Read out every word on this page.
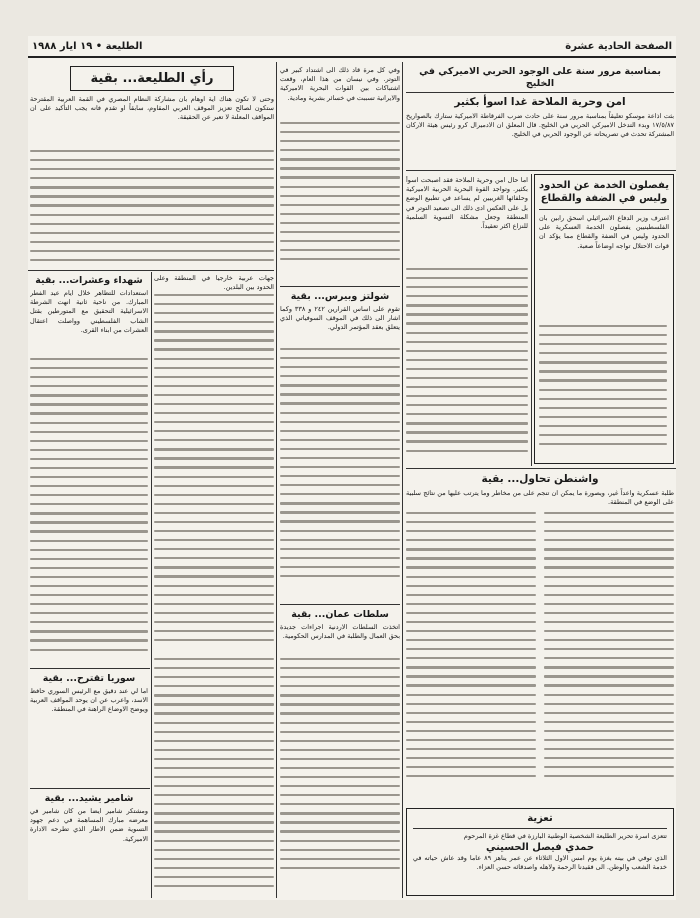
الصفحة الحادية عشرة
الطليعة • ١٩ ايار ١٩٨٨

بمناسبة مرور سنة على الوجود الحربي الاميركي في الخليج

امن وحرية الملاحة غدا اسوأ بكثير

بثت اذاعة موسكو تعليقاً بمناسبة مرور سنة على حادث ضرب الفرقاطة الاميركية ستارك بالصواريخ ١٧/٥/٨٧ وبدء التدخل الاميركي الحربي في الخليج. قال المعلق ان الادميرال كرو رئيس هيئة الاركان المشتركة تحدث في تصريحاته عن الوجود الحربي في الخليج.

يفصلون الخدمة عن الحدود وليس في الضفة والقطاع

اعترف وزير الدفاع الاسرائيلي اسحق رابين بان الفلسطينيين يفصلون الخدمة العسكرية على الحدود وليس في الضفة والقطاع مما يؤكد ان قوات الاحتلال تواجه اوضاعاً صعبة.

اما حال امن وحرية الملاحة فقد اصبحت اسوأ بكثير. وتواجد القوة البحرية الحربية الاميركية وحلفائها الغربيين لم يساعد في تطبيع الوضع بل على العكس ادى ذلك الى تصعيد التوتر في المنطقة وجعل مشكلة التسوية السلمية للنزاع اكثر تعقيداً.

واشنطن تحاول... بقية

طلبة عسكرية واعداً غير، ويصورة ما يمكن ان تنجم على من مخاطر وما يترتب عليها من نتائج سلبية على الوضع في المنطقة.

تعزية

تتعزى اسرة تحرير الطليعة الشخصية الوطنية البارزة في قطاع غزة المرحوم

حمدي فيصل الحسيني

الذي توفي في بيته بغزة يوم امس الاول الثلاثاء عن عمر يناهز ٨٩ عاما وقد عاش حياته في خدمة الشعب والوطن. الى فقيدنا الرحمة ولاهله واصدقائه حسن العزاء.

وفي كل مرة قاد ذلك الى اشتداد كبير في التوتر. وفي نيسان من هذا العام، وقعت اشتباكات بين القوات البحرية الاميركية والايرانية تسببت في خسائر بشرية ومادية.

شولتز وبيرس... بقية

تقوم على اساس القرارين ٢٤٢ و ٣٣٨ وكما اشار الى ذلك في الموقف السوفياتي الذي يتعلق بعقد المؤتمر الدولي.

سلطات عمان... بقية

اتخذت السلطات الاردنية اجراءات جديدة بحق العمال والطلبة في المدارس الحكومية.

رأي الطليعة... بقية

وحتى لا تكون هناك اية اوهام بان مشاركة النظام المصري في القمة العربية المقترحة ستكون لصالح تعزيز الموقف العربي المقاوم، سابقاً او تقدم فانه يجب التأكيد على ان المواقف المعلنة لا تعبر عن الحقيقة.

شهداء وعشرات... بقية

استعدادات للتظاهر خلال ايام عيد الفطر المبارك. من ناحية ثانية انهت الشرطة الاسرائيلية التحقيق مع المتورطين بقتل الشاب الفلسطيني وواصلت اعتقال العشرات من ابناء القرى.

جهات عربية خارجيا في المنطقة وعلى الحدود بين البلدين.

سوريا تقترح... بقية

اما لي عند دقيق مع الرئيس السوري حافظ الاسد، واعرب عن ان يوحد المواقف العربية ويوضح الاوضاع الراهنة في المنطقة.

شامير يشيد... بقية

ومشتكر شامير ايضا من كان شامير في معرضه مبارك المساهمة في دعم جهود التسوية ضمن الاطار الذي تطرحه الادارة الاميركية.
